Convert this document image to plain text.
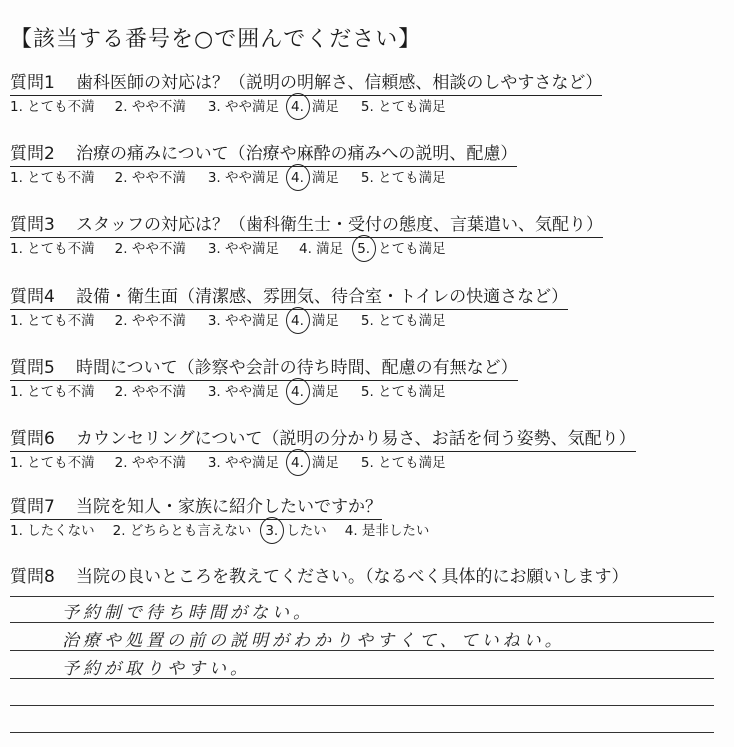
【該当する番号を○で囲んでください】
質問1 歯科医師の対応は？（説明の明解さ、信頼感、相談のしやすさなど）
1. とても不満 2. やや不満 3. やや満足 4. 満足 5. とても満足
質問2 治療の痛みについて（治療や麻酔の痛みへの説明、配慮）
1. とても不満 2. やや不満 3. やや満足 4. 満足 5. とても満足
質問3 スタッフの対応は？（歯科衛生士・受付の態度、言葉遣い、気配り）
1. とても不満 2. やや不満 3. やや満足 4. 満足 5. とても満足
質問4 設備・衛生面（清潔感、雰囲気、待合室・トイレの快適さなど）
1. とても不満 2. やや不満 3. やや満足 4. 満足 5. とても満足
質問5 時間について（診察や会計の待ち時間、配慮の有無など）
1. とても不満 2. やや不満 3. やや満足 4. 満足 5. とても満足
質問6 カウンセリングについて（説明の分かり易さ、お話を伺う姿勢、気配り）
1. とても不満 2. やや不満 3. やや満足 4. 満足 5. とても満足
質問7 当院を知人・家族に紹介したいですか？
1. したくない 2. どちらとも言えない 3. したい 4. 是非したい
質問8 当院の良いところを教えてください。（なるべく具体的にお願いします）
予約制で待ち時間がない。
治療や処置の前の説明がわかりやすくて、ていねい。
予約が取りやすい。
